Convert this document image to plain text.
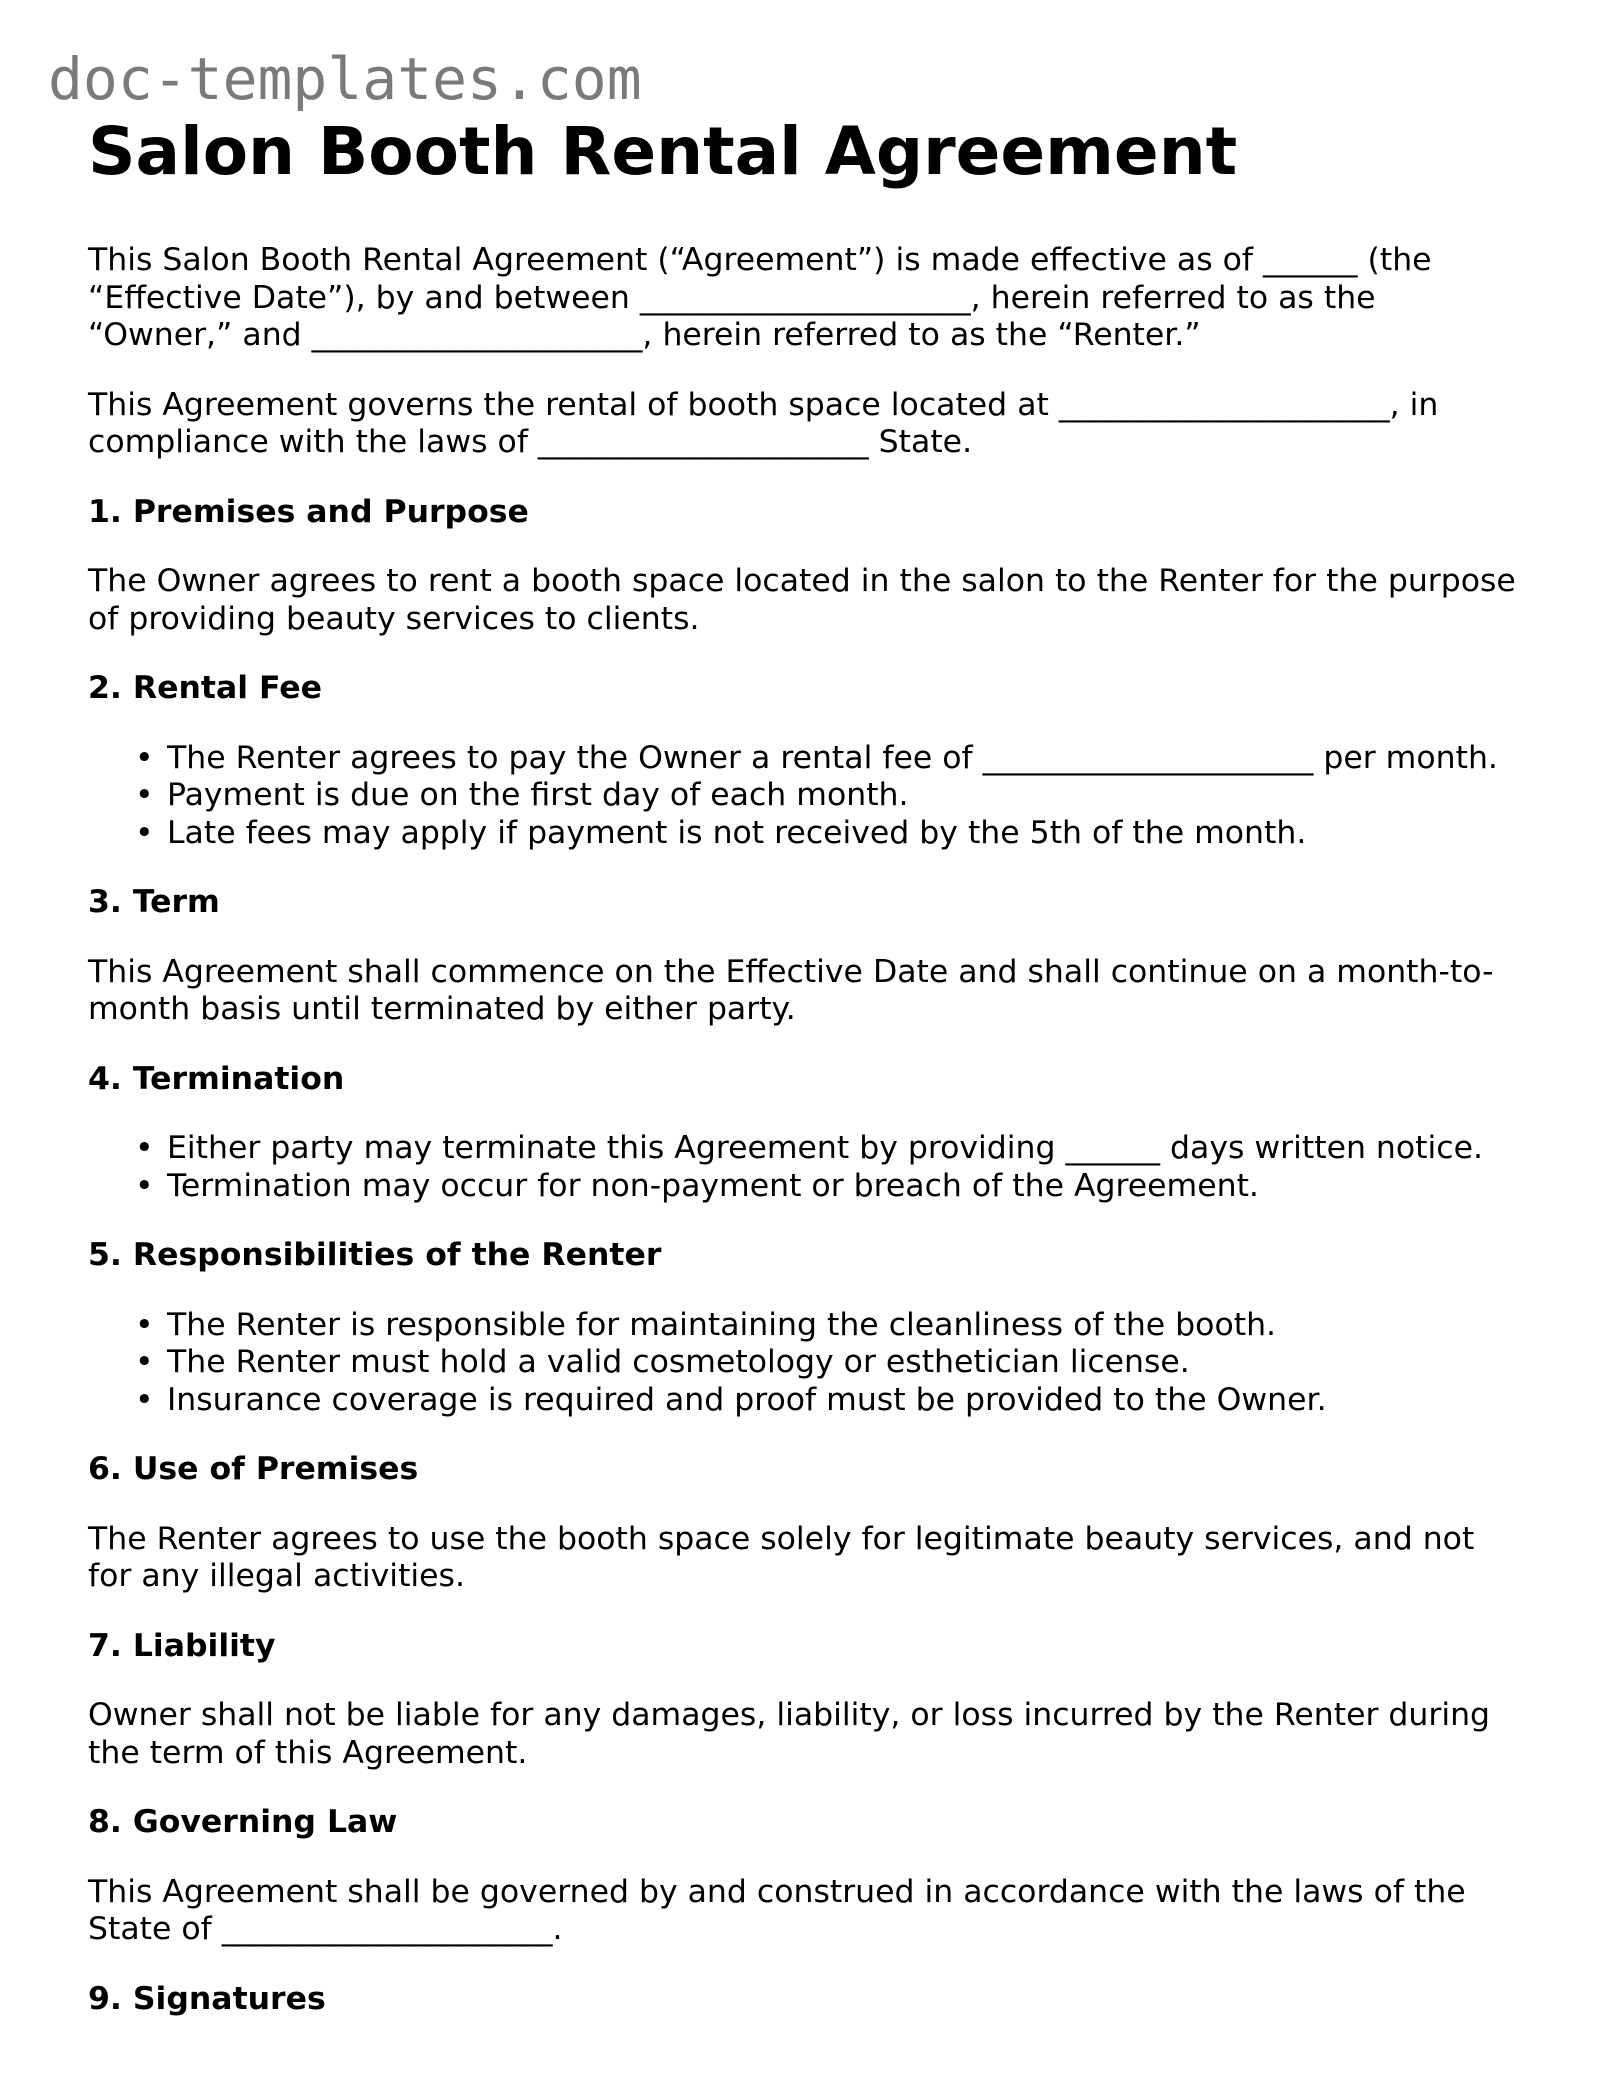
doc-templates.com
Salon Booth Rental Agreement

This Salon Booth Rental Agreement (“Agreement”) is made effective as of ______ (the
“Effective Date”), by and between _____________________, herein referred to as the
“Owner,” and _____________________, herein referred to as the “Renter.”

This Agreement governs the rental of booth space located at _____________________, in
compliance with the laws of _____________________ State.

1. Premises and Purpose

The Owner agrees to rent a booth space located in the salon to the Renter for the purpose
of providing beauty services to clients.

2. Rental Fee
• The Renter agrees to pay the Owner a rental fee of _____________________ per month.
• Payment is due on the first day of each month.
• Late fees may apply if payment is not received by the 5th of the month.
3. Term

This Agreement shall commence on the Effective Date and shall continue on a month-to-
month basis until terminated by either party.

4. Termination
• Either party may terminate this Agreement by providing ______ days written notice.
• Termination may occur for non-payment or breach of the Agreement.
5. Responsibilities of the Renter
• The Renter is responsible for maintaining the cleanliness of the booth.
• The Renter must hold a valid cosmetology or esthetician license.
• Insurance coverage is required and proof must be provided to the Owner.
6. Use of Premises

The Renter agrees to use the booth space solely for legitimate beauty services, and not
for any illegal activities.

7. Liability

Owner shall not be liable for any damages, liability, or loss incurred by the Renter during
the term of this Agreement.

8. Governing Law

This Agreement shall be governed by and construed in accordance with the laws of the
State of _____________________.

9. Signatures
